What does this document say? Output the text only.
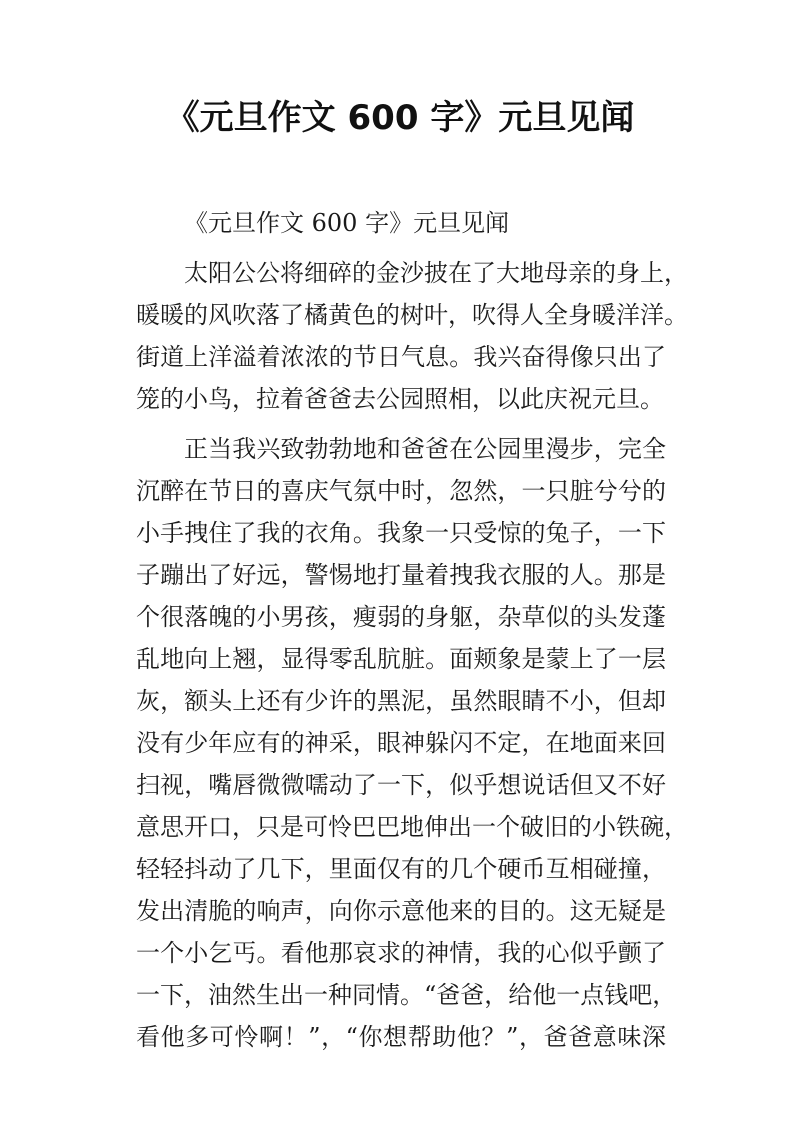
《元旦作文 600 字》元旦见闻
《元旦作文 600 字》元旦见闻
太阳公公将细碎的金沙披在了大地母亲的身上，
暖暖的风吹落了橘黄色的树叶，吹得人全身暖洋洋。
街道上洋溢着浓浓的节日气息。我兴奋得像只出了
笼的小鸟，拉着爸爸去公园照相，以此庆祝元旦。
正当我兴致勃勃地和爸爸在公园里漫步，完全
沉醉在节日的喜庆气氛中时，忽然，一只脏兮兮的
小手拽住了我的衣角。我象一只受惊的兔子，一下
子蹦出了好远，警惕地打量着拽我衣服的人。那是
个很落魄的小男孩，瘦弱的身躯，杂草似的头发蓬
乱地向上翘，显得零乱肮脏。面颊象是蒙上了一层
灰，额头上还有少许的黑泥，虽然眼睛不小，但却
没有少年应有的神采，眼神躲闪不定，在地面来回
扫视，嘴唇微微嚅动了一下，似乎想说话但又不好
意思开口，只是可怜巴巴地伸出一个破旧的小铁碗，
轻轻抖动了几下，里面仅有的几个硬币互相碰撞，
发出清脆的响声，向你示意他来的目的。这无疑是
一个小乞丐。看他那哀求的神情，我的心似乎颤了
一下，油然生出一种同情。“爸爸，给他一点钱吧，
看他多可怜啊！”，“你想帮助他？”，爸爸意味深
